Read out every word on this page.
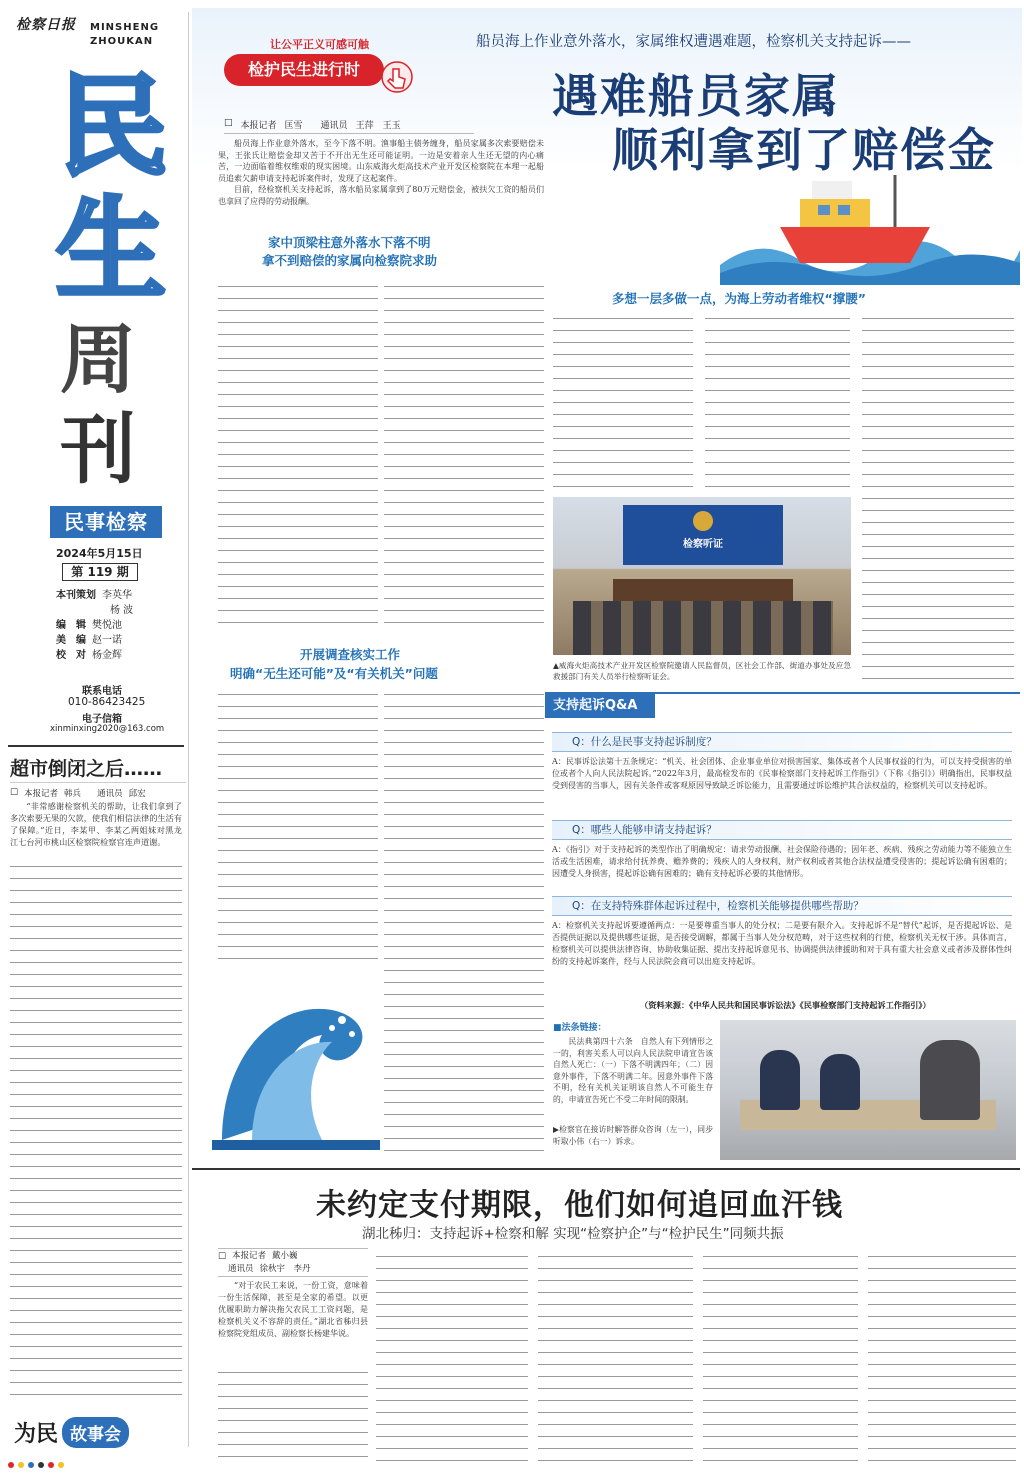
检察日报	MINSHENG
ZHOUKAN
民
生
周
刊
民事检察
2024年5月15日
第 119 期
本刊策划 李英华
杨 波
编　辑 樊悦池
美　编 赵一诺
校　对 杨金辉
联系电话
010-86423425
电子信箱
xinminxing2020@163.com
超市倒闭之后……
□ 本报记者 韩兵 通讯员 邱宏

“非常感谢检察机关的帮助，让我们拿到了多次索要无果的欠款，使我们相信法律的生活有了保障。”近日，李某甲、李某乙两姐妹对黑龙江七台河市桃山区检察院检察官连声道谢。

为民 故事会
船员海上作业意外落水，家属维权遭遇难题，检察机关支持起诉——
让公平正义可感可触
检护民生进行时	遇难船员家属
顺利拿到了赔偿金
□ 本报记者 匡雪 通讯员 王萍　王玉

船员海上作业意外落水，至今下落不明。渔事船主债务缠身，船员家属多次索要赔偿未果，王张氏让赔偿金却又苦于不开出无生还可能证明。一边是安着亲人生还无望的内心痛苦，一边面临着维权维艰的现实困境。山东威海火炬高技术产业开发区检察院在本理一起船员追索欠薪申请支持起诉案件时，发现了这起案件。

目前，经检察机关支持起诉，落水船员家属拿到了80万元赔偿金，被扶欠工资的船员们也拿回了应得的劳动报酬。

家中顶梁柱意外落水下落不明
拿不到赔偿的家属向检察院求助
开展调查核实工作
明确“无生还可能”及“有关机关”问题
多想一层多做一点，为海上劳动者维权“撑腰”
检察听证
▲威海火炬高技术产业开发区检察院邀请人民监督员，区社会工作部、街道办事处及应急救援部门有关人员举行检察听证会。
支持起诉Q&A
Q：什么是民事支持起诉制度？
A：民事诉讼法第十五条规定：“机关、社会团体、企业事业单位对损害国家、集体或者个人民事权益的行为，可以支持受损害的单位或者个人向人民法院起诉。”2022年3月，最高检发布的《民事检察部门支持起诉工作指引》（下称《指引》）明确指出，民事权益受到侵害的当事人，因有关条件或客观原因导致缺乏诉讼能力，且需要通过诉讼维护其合法权益的，检察机关可以支持起诉。
Q：哪些人能够申请支持起诉？
A：《指引》对于支持起诉的类型作出了明确规定：请求劳动报酬、社会保险待遇的；因年老、疾病、残疾之劳动能力等不能独立生活或生活困难，请求给付抚养费、赡养费的；残疾人的人身权利、财产权利或者其他合法权益遭受侵害的；提起诉讼确有困难的；因遭受人身损害，提起诉讼确有困难的；确有支持起诉必要的其他情形。
Q：在支持特殊群体起诉过程中，检察机关能够提供哪些帮助？
A：检察机关支持起诉要遵循两点：一是要尊重当事人的处分权；二是要有限介入。支持起诉不是“替代”起诉，是否提起诉讼、是否提供证据以及提供哪些证据，是否接受调解，都属于当事人处分权范畴，对于这些权利的行使，检察机关无权干涉。具体而言，检察机关可以提供法律咨询、协助收集证据、提出支持起诉意见书、协调提供法律援助和对于具有重大社会意义或者涉及群体性纠纷的支持起诉案件，经与人民法院会商可以出庭支持起诉。
（资料来源：《中华人民共和国民事诉讼法》《民事检察部门支持起诉工作指引》）
■法条链接：

民法典第四十六条　自然人有下列情形之一的，利害关系人可以向人民法院申请宣告该自然人死亡：（一）下落不明满四年；（二）因意外事件，下落不明满二年。因意外事件下落不明，经有关机关证明该自然人不可能生存的，申请宣告死亡不受二年时间的限制。

▶检察官在接访时解答群众咨询（左一），同步听取小伟（右一）诉求。
未约定支付期限，他们如何追回血汗钱
湖北秭归：支持起诉+检察和解 实现“检察护企”与“检护民生”同频共振
□ 本报记者 戴小巍
通讯员 徐秋宇　李丹

“对于农民工来说，一份工资，意味着一份生活保障，甚至是全家的希望。以更优履职助力解决拖欠农民工工资问题，是检察机关义不容辞的责任。”湖北省秭归县检察院党组成员、副检察长杨建华说。
